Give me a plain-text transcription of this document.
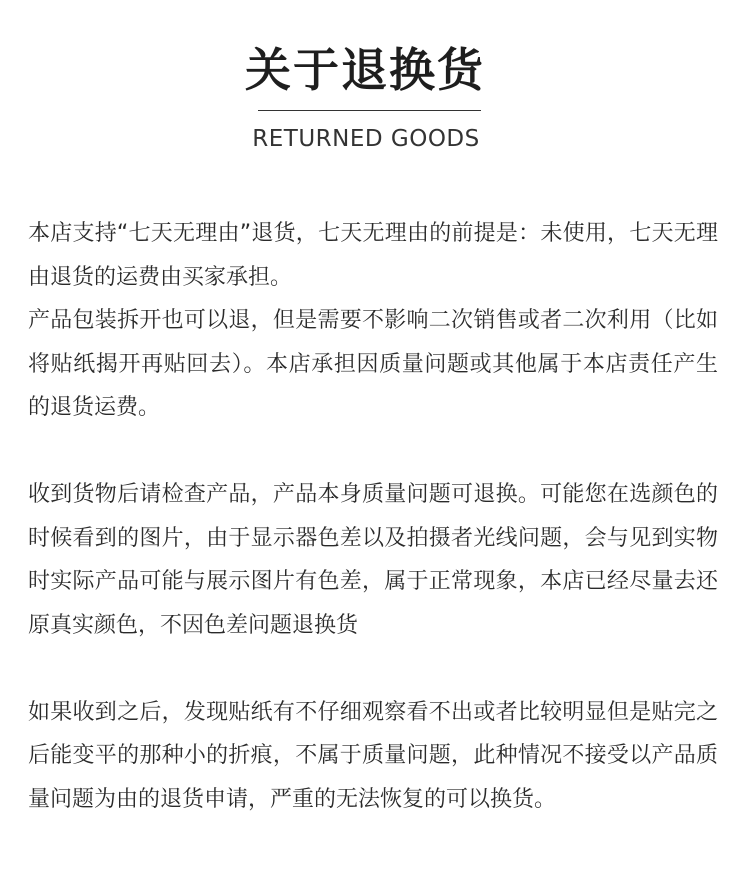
关于退换货
RETURNED GOODS

本店支持“七天无理由”退货，七天无理由的前提是：未使用，七天无理由退货的运费由买家承担。

产品包装拆开也可以退，但是需要不影响二次销售或者二次利用（比如将贴纸揭开再贴回去）。本店承担因质量问题或其他属于本店责任产生的退货运费。

收到货物后请检查产品，产品本身质量问题可退换。可能您在选颜色的时候看到的图片，由于显示器色差以及拍摄者光线问题，会与见到实物时实际产品可能与展示图片有色差，属于正常现象，本店已经尽量去还原真实颜色，不因色差问题退换货

如果收到之后，发现贴纸有不仔细观察看不出或者比较明显但是贴完之后能变平的那种小的折痕，不属于质量问题，此种情况不接受以产品质量问题为由的退货申请，严重的无法恢复的可以换货。
